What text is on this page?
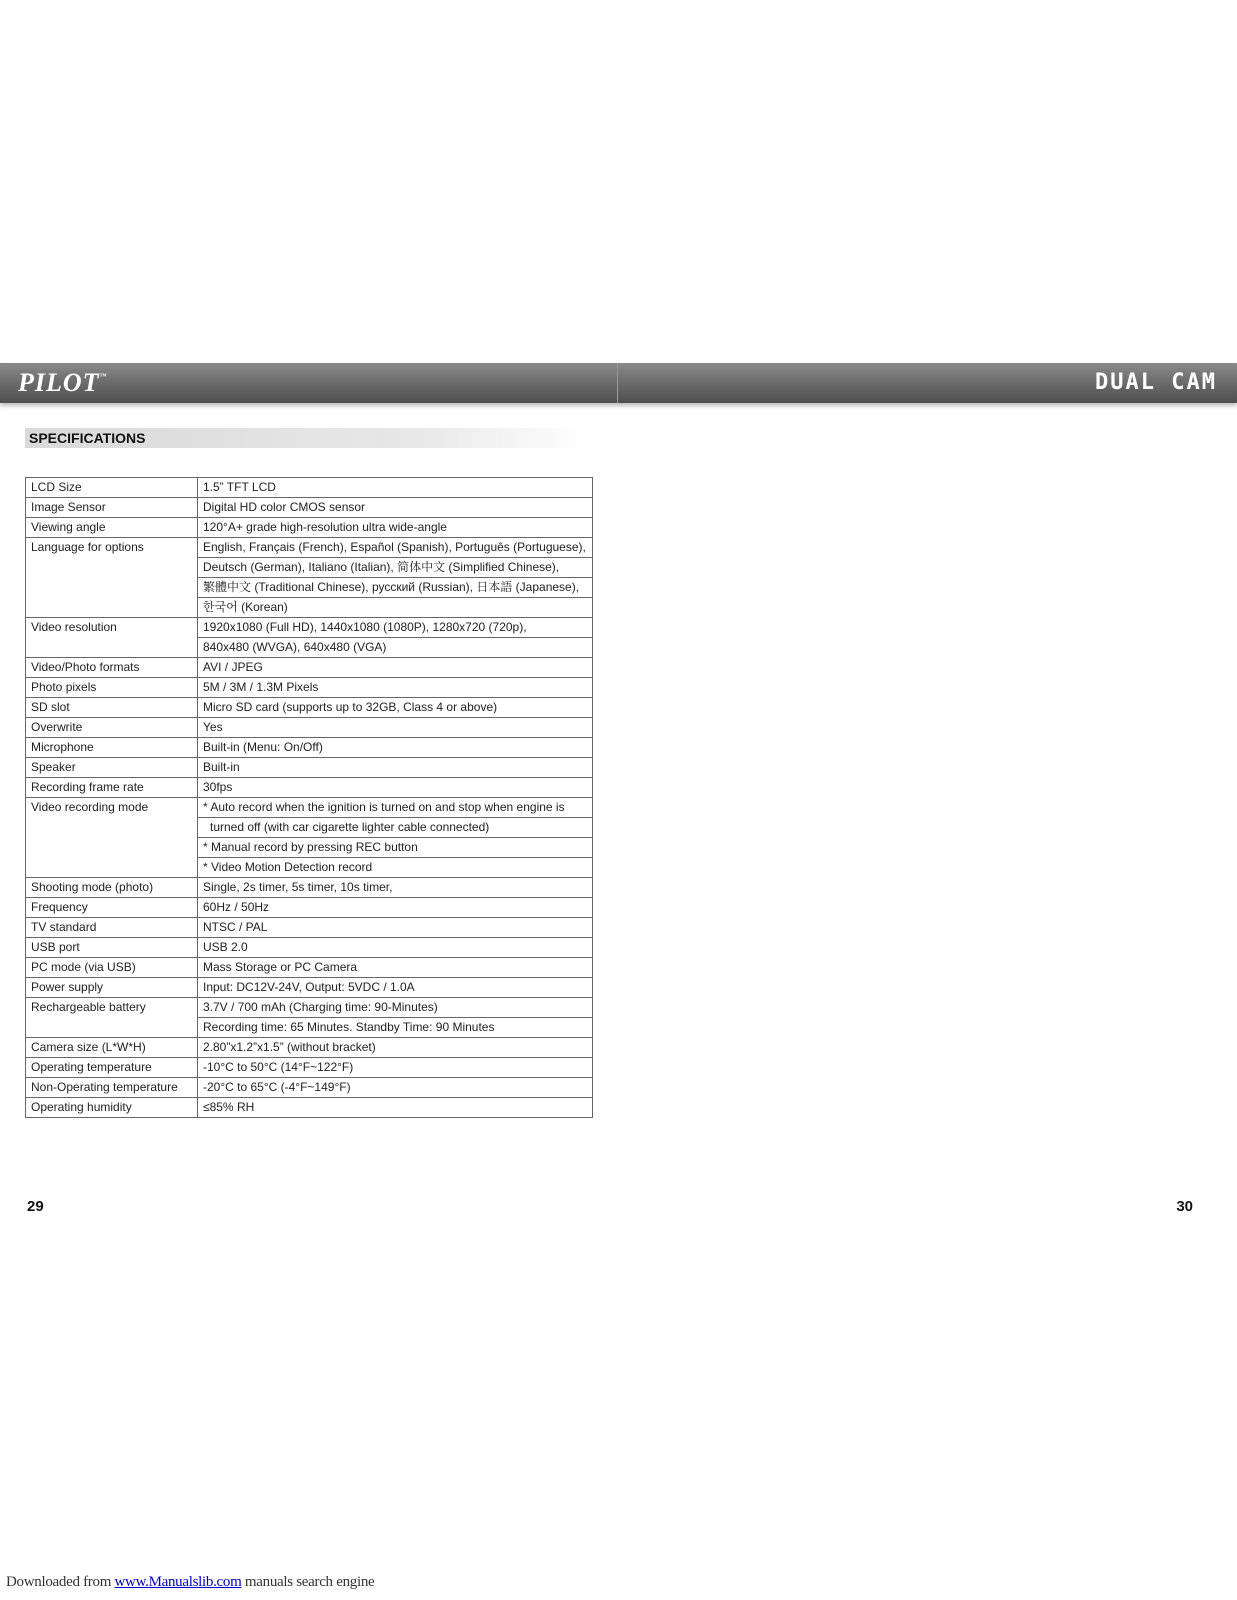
PILOT™	DUAL CAM
SPECIFICATIONS
LCD Size	1.5” TFT LCD
Image Sensor	Digital HD color CMOS sensor
Viewing angle	120°A+ grade high-resolution ultra wide-angle
Language for options	English, Français (French), Español (Spanish), Português (Portuguese),
	Deutsch (German), Italiano (Italian), 简体中文 (Simplified Chinese),
	繁體中文 (Traditional Chinese), русский (Russian), 日本語 (Japanese),
	한국어 (Korean)
Video resolution	1920x1080 (Full HD), 1440x1080 (1080P), 1280x720 (720p),
	840x480 (WVGA), 640x480 (VGA)
Video/Photo formats	AVI / JPEG
Photo pixels	5M / 3M / 1.3M Pixels
SD slot	Micro SD card (supports up to 32GB, Class 4 or above)
Overwrite	Yes
Microphone	Built-in (Menu: On/Off)
Speaker	Built-in
Recording frame rate	30fps
Video recording mode	* Auto record when the ignition is turned on and stop when engine is
	turned off (with car cigarette lighter cable connected)
	* Manual record by pressing REC button
	* Video Motion Detection record
Shooting mode (photo)	Single, 2s timer, 5s timer, 10s timer,
Frequency	60Hz / 50Hz
TV standard	NTSC / PAL
USB port	USB 2.0
PC mode (via USB)	Mass Storage or PC Camera
Power supply	Input: DC12V-24V, Output: 5VDC / 1.0A
Rechargeable battery	3.7V / 700 mAh (Charging time: 90-Minutes)
	Recording time: 65 Minutes. Standby Time: 90 Minutes
Camera size (L*W*H)	2.80”x1.2”x1.5” (without bracket)
Operating temperature	-10°C to 50°C (14°F~122°F)
Non-Operating temperature	-20°C to 65°C (-4°F~149°F)
Operating humidity	≤85% RH
29	30
Downloaded from www.Manualslib.com manuals search engine
